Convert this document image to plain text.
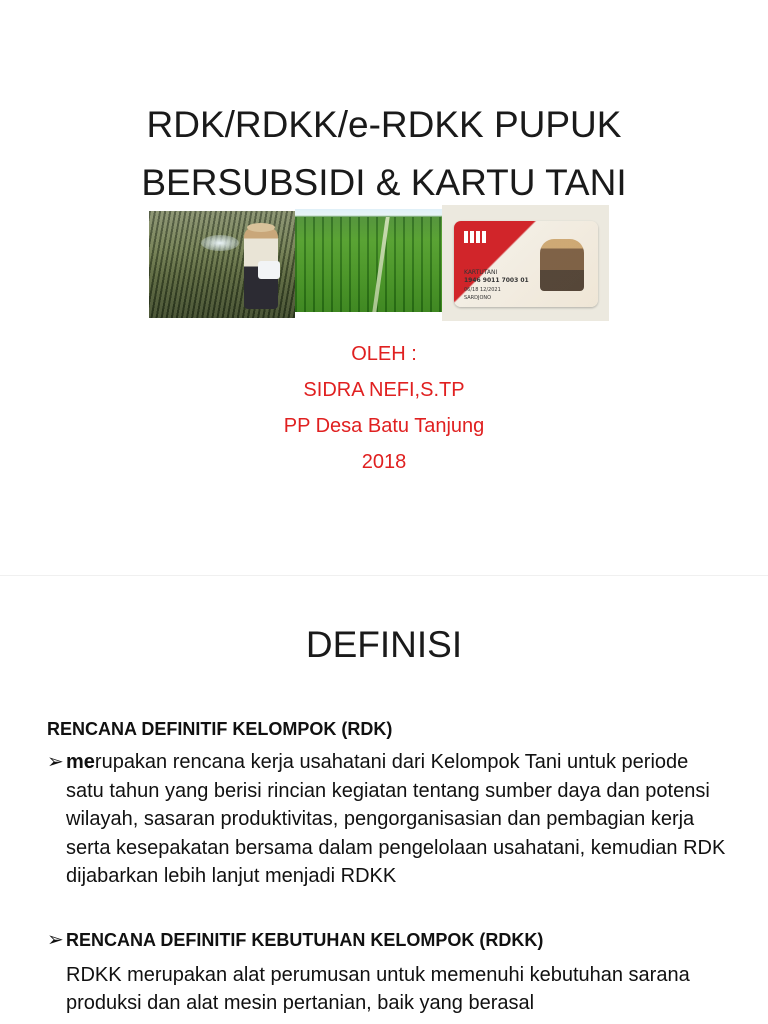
RDK/RDKK/e-RDKK PUPUK
BERSUBSIDI & KARTU TANI
KARTUTANI
1946 9011 7003 01
06/18 12/2021
SARDJONO
OLEH :
SIDRA NEFI,S.TP
PP Desa Batu Tanjung
2018
DEFINISI
RENCANA DEFINITIF KELOMPOK (RDK)
➢ merupakan rencana kerja usahatani dari Kelompok Tani untuk periode satu tahun yang berisi rincian kegiatan tentang sumber daya dan potensi wilayah, sasaran produktivitas, pengorganisasian dan pembagian kerja serta kesepakatan bersama dalam pengelolaan usahatani, kemudian RDK dijabarkan lebih lanjut menjadi RDKK
➢ RENCANA DEFINITIF KEBUTUHAN KELOMPOK (RDKK)
RDKK merupakan alat perumusan untuk memenuhi kebutuhan sarana produksi dan alat mesin pertanian, baik yang berasal
